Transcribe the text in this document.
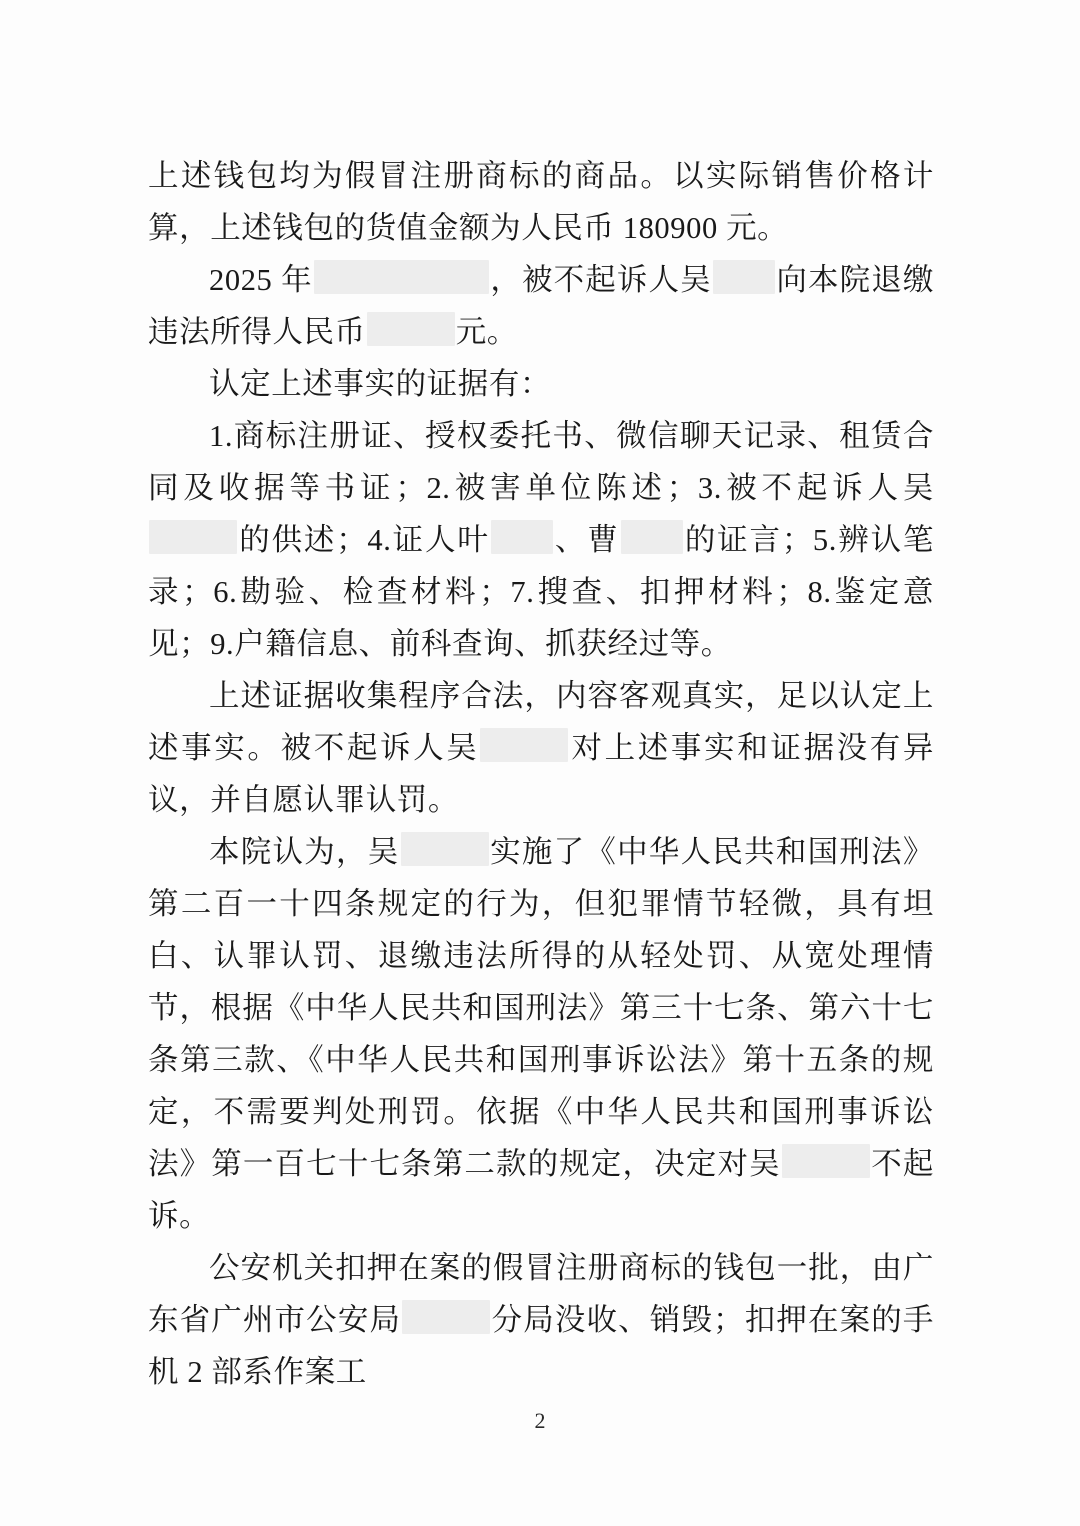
上述钱包均为假冒注册商标的商品。以实际销售价格计算，上述钱包的货值金额为人民币 180900 元。

2025 年	，被不起诉人吴 向本院退缴违法所得人民币	元。

认定上述事实的证据有：

1.商标注册证、授权委托书、微信聊天记录、租赁合同及收据等书证；2.被害单位陈述；3.被不起诉人吴的供述；4.证人叶 、曹 的证言；5.辨认笔录；6.勘验、检查材料；7.搜查、扣押材料；8.鉴定意见；9.户籍信息、前科查询、抓获经过等。

上述证据收集程序合法，内容客观真实，足以认定上述事实。被不起诉人吴	对上述事实和证据没有异议，并自愿认罪认罚。

本院认为，吴	实施了《中华人民共和国刑法》第二百一十四条规定的行为，但犯罪情节轻微，具有坦白、认罪认罚、退缴违法所得的从轻处罚、从宽处理情节，根据《中华人民共和国刑法》第三十七条、第六十七条第三款、《中华人民共和国刑事诉讼法》第十五条的规定，不需要判处刑罚。依据《中华人民共和国刑事诉讼法》第一百七十七条第二款的规定，决定对吴	不起诉。

公安机关扣押在案的假冒注册商标的钱包一批，由广东省广州市公安局	分局没收、销毁；扣押在案的手机 2 部系作案工

2
